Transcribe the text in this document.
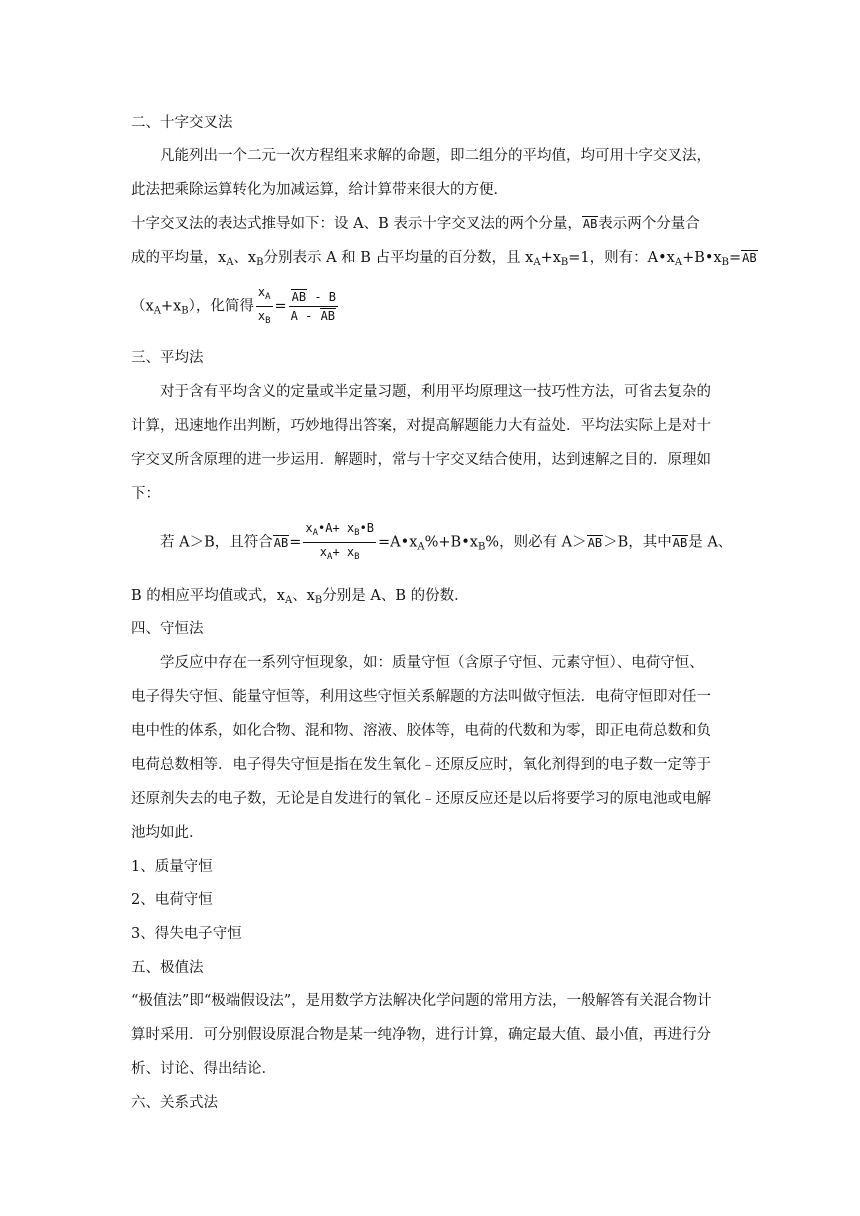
二、十字交叉法
凡能列出一个二元一次方程组来求解的命题，即二组分的平均值，均可用十字交叉法，
此法把乘除运算转化为加减运算，给计算带来很大的方便．
十字交叉法的表达式推导如下：设 A、B 表示十字交叉法的两个分量，AB表示两个分量合
成的平均量，$x_A$、$x_B$分别表示 A 和 B 占平均量的百分数，且 $x_A+x_B=1$，则有：$A•x_A+B•x_B=AB$
$(x_A+x_B)$，化简得 $\frac{x_A}{x_B} = \frac{AB - B}{A - AB}$
三、平均法
对于含有平均含义的定量或半定量习题，利用平均原理这一技巧性方法，可省去复杂的
计算，迅速地作出判断，巧妙地得出答案，对提高解题能力大有益处．平均法实际上是对十
字交叉所含原理的进一步运用．解题时，常与十字交叉结合使用，达到速解之目的．原理如
下：
若 A＞B，且符合$AB= \frac{x_A•A+ x_B•B}{x_A+ x_B}$ $=A•x_A\%+B•x_B\%$，则必有 A＞AB＞B，其中AB是 A、
B 的相应平均值或式，$x_A$、$x_B$分别是 A、B 的份数．
四、守恒法
学反应中存在一系列守恒现象，如：质量守恒（含原子守恒、元素守恒）、电荷守恒、
电子得失守恒、能量守恒等，利用这些守恒关系解题的方法叫做守恒法．电荷守恒即对任一
电中性的体系，如化合物、混和物、溶液、胶体等，电荷的代数和为零，即正电荷总数和负
电荷总数相等．电子得失守恒是指在发生氧化﹣还原反应时，氧化剂得到的电子数一定等于
还原剂失去的电子数，无论是自发进行的氧化﹣还原反应还是以后将要学习的原电池或电解
池均如此．
1、质量守恒
2、电荷守恒
3、得失电子守恒
五、极值法
“极值法”即“极端假设法”，是用数学方法解决化学问题的常用方法，一般解答有关混合物计
算时采用．可分别假设原混合物是某一纯净物，进行计算，确定最大值、最小值，再进行分
析、讨论、得出结论．
六、关系式法
